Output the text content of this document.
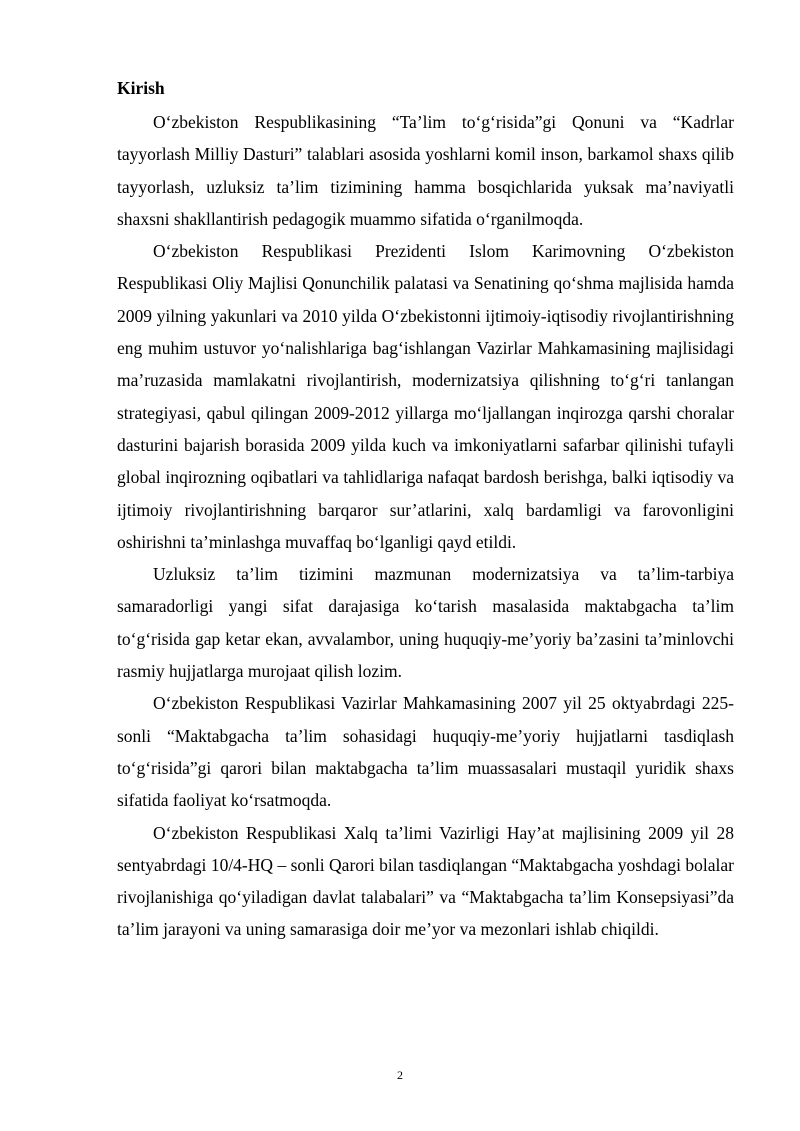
Kirish

O‘zbekiston Respublikasining “Ta’lim to‘g‘risida”gi Qonuni va “Kadrlar tayyorlash Milliy Dasturi” talablari asosida yoshlarni komil inson, barkamol shaxs qilib tayyorlash, uzluksiz ta’lim tizimining hamma bosqichlarida yuksak ma’naviyatli shaxsni shakllantirish pedagogik muammo sifatida o‘rganilmoqda.

O‘zbekiston Respublikasi Prezidenti Islom Karimovning O‘zbekiston Respublikasi Oliy Majlisi Qonunchilik palatasi va Senatining qo‘shma majlisida hamda 2009 yilning yakunlari va 2010 yilda O‘zbekistonni ijtimoiy-iqtisodiy rivojlantirishning eng muhim ustuvor yo‘nalishlariga bag‘ishlangan Vazirlar Mahkamasining majlisidagi ma’ruzasida mamlakatni rivojlantirish, modernizatsiya qilishning to‘g‘ri tanlangan strategiyasi, qabul qilingan 2009-2012 yillarga mo‘ljallangan inqirozga qarshi choralar dasturini bajarish borasida 2009 yilda kuch va imkoniyatlarni safarbar qilinishi tufayli global inqirozning oqibatlari va tahlidlariga nafaqat bardosh berishga, balki iqtisodiy va ijtimoiy rivojlantirishning barqaror sur’atlarini, xalq bardamligi va farovonligini oshirishni ta’minlashga muvaffaq bo‘lganligi qayd etildi.

Uzluksiz ta’lim tizimini mazmunan modernizatsiya va ta’lim-tarbiya samaradorligi yangi sifat darajasiga ko‘tarish masalasida maktabgacha ta’lim to‘g‘risida gap ketar ekan, avvalambor, uning huquqiy-me’yoriy ba’zasini ta’minlovchi rasmiy hujjatlarga murojaat qilish lozim.

O‘zbekiston Respublikasi Vazirlar Mahkamasining 2007 yil 25 oktyabrdagi 225-sonli “Maktabgacha ta’lim sohasidagi huquqiy-me’yoriy hujjatlarni tasdiqlash to‘g‘risida”gi qarori bilan maktabgacha ta’lim muassasalari mustaqil yuridik shaxs sifatida faoliyat ko‘rsatmoqda.

O‘zbekiston Respublikasi Xalq ta’limi Vazirligi Hay’at majlisining 2009 yil 28 sentyabrdagi 10/4-HQ – sonli Qarori bilan tasdiqlangan “Maktabgacha yoshdagi bolalar rivojlanishiga qo‘yiladigan davlat talabalari” va “Maktabgacha ta’lim Konsepsiyasi”da ta’lim jarayoni va uning samarasiga doir me’yor va mezonlari ishlab chiqildi.

2
